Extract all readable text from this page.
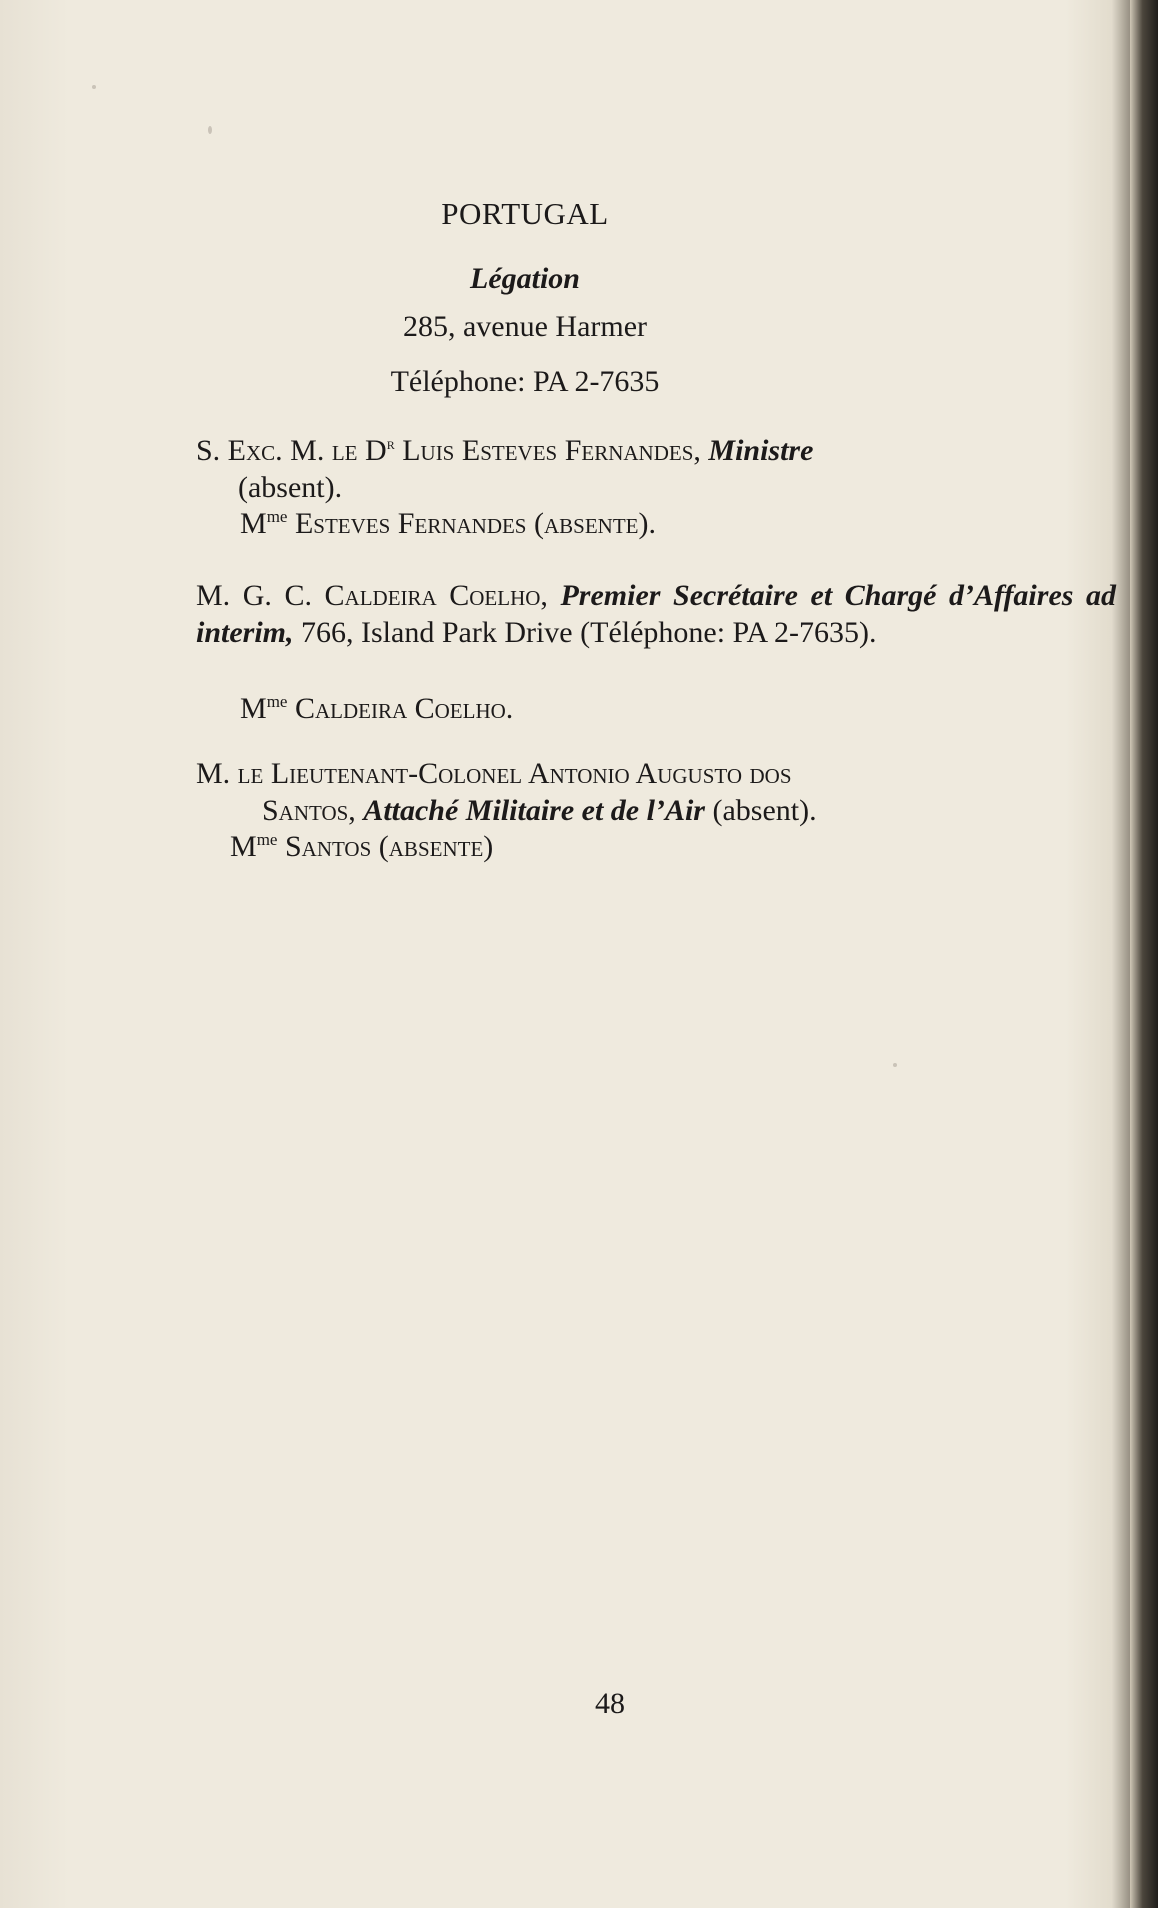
PORTUGAL
Légation
285, avenue Harmer
Téléphone: PA 2-7635
S. Exc. M. le $D^r$ Luis Esteves Fernandes, Ministre
(absent).
$M^{me}$ Esteves Fernandes (absente).
M. G. C. Caldeira Coelho, Premier Secrétaire et Chargé d’Affaires ad interim, 766, Island Park Drive (Téléphone: PA 2-7635).
$M^{me}$ Caldeira Coelho.
M. le Lieutenant-Colonel Antonio Augusto dos
Santos, Attaché Militaire et de l’Air (absent).
$M^{me}$ Santos (absente)
48
